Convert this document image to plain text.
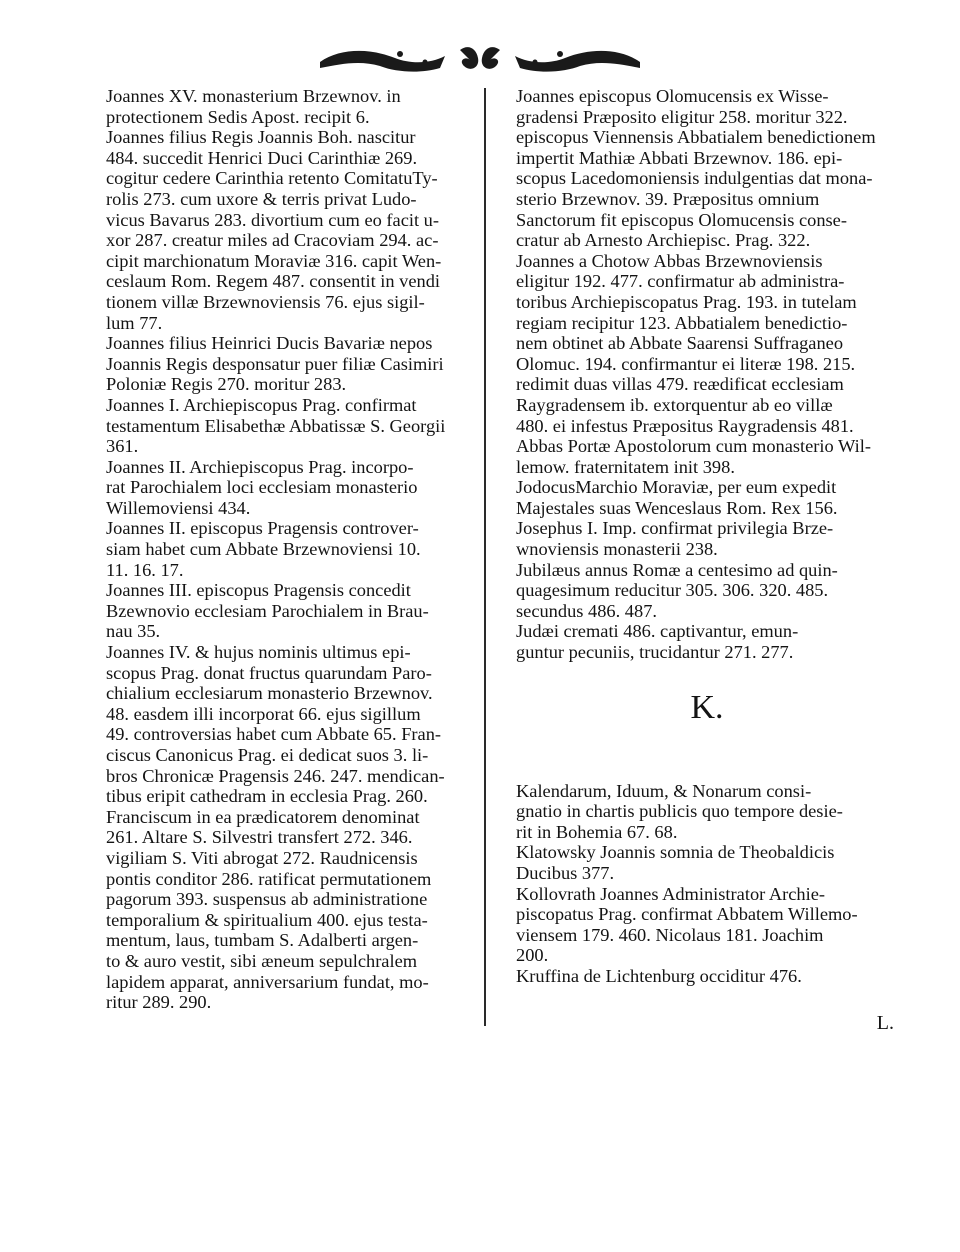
Joannes XV. monasterium Brzewnov. in
protectionem Sedis Apost. recipit 6.
Joannes filius Regis Joannis Boh. nascitur
484. succedit Henrici Duci Carinthiæ 269.
cogitur cedere Carinthia retento ComitatuTy-
rolis 273. cum uxore & terris privat Ludo-
vicus Bavarus 283. divortium cum eo facit u-
xor 287. creatur miles ad Cracoviam 294. ac-
cipit marchionatum Moraviæ 316. capit Wen-
ceslaum Rom. Regem 487. consentit in vendi
tionem villæ Brzewnoviensis 76. ejus sigil-
lum 77.
Joannes filius Heinrici Ducis Bavariæ nepos
Joannis Regis desponsatur puer filiæ Casimiri
Poloniæ Regis 270. moritur 283.
Joannes I. Archiepiscopus Prag. confirmat
testamentum Elisabethæ Abbatissæ S. Georgii
361.
Joannes II. Archiepiscopus Prag. incorpo-
rat Parochialem loci ecclesiam monasterio
Willemoviensi 434.
Joannes II. episcopus Pragensis controver-
siam habet cum Abbate Brzewnoviensi 10.
11. 16. 17.
Joannes III. episcopus Pragensis concedit
Bzewnovio ecclesiam Parochialem in Brau-
nau 35.
Joannes IV. & hujus nominis ultimus epi-
scopus Prag. donat fructus quarundam Paro-
chialium ecclesiarum monasterio Brzewnov.
48. easdem illi incorporat 66. ejus sigillum
49. controversias habet cum Abbate 65. Fran-
ciscus Canonicus Prag. ei dedicat suos 3. li-
bros Chronicæ Pragensis 246. 247. mendican-
tibus eripit cathedram in ecclesia Prag. 260.
Franciscum in ea prædicatorem denominat
261. Altare S. Silvestri transfert 272. 346.
vigiliam S. Viti abrogat 272. Raudnicensis
pontis conditor 286. ratificat permutationem
pagorum 393. suspensus ab administratione
temporalium & spiritualium 400. ejus testa-
mentum, laus, tumbam S. Adalberti argen-
to & auro vestit, sibi æneum sepulchralem
lapidem apparat, anniversarium fundat, mo-
ritur 289. 290.
Joannes episcopus Olomucensis ex Wisse-
gradensi Præposito eligitur 258. moritur 322.
episcopus Viennensis Abbatialem benedictionem
impertit Mathiæ Abbati Brzewnov. 186. epi-
scopus Lacedomoniensis indulgentias dat mona-
sterio Brzewnov. 39. Præpositus omnium
Sanctorum fit episcopus Olomucensis conse-
cratur ab Arnesto Archiepisc. Prag. 322.
Joannes a Chotow Abbas Brzewnoviensis
eligitur 192. 477. confirmatur ab administra-
toribus Archiepiscopatus Prag. 193. in tutelam
regiam recipitur 123. Abbatialem benedictio-
nem obtinet ab Abbate Saarensi Suffraganeo
Olomuc. 194. confirmantur ei literæ 198. 215.
redimit duas villas 479. reædificat ecclesiam
Raygradensem ib. extorquentur ab eo villæ
480. ei infestus Præpositus Raygradensis 481.
Abbas Portæ Apostolorum cum monasterio Wil-
lemow. fraternitatem init 398.
JodocusMarchio Moraviæ, per eum expedit
Majestales suas Wenceslaus Rom. Rex 156.
Josephus I. Imp. confirmat privilegia Brze-
wnoviensis monasterii 238.
Jubilæus annus Romæ a centesimo ad quin-
quagesimum reducitur 305. 306. 320. 485.
secundus 486. 487.
Judæi cremati 486. captivantur, emun-
guntur pecuniis, trucidantur 271. 277.
K.
Kalendarum, Iduum, & Nonarum consi-
gnatio in chartis publicis quo tempore desie-
rit in Bohemia 67. 68.
Klatowsky Joannis somnia de Theobaldicis
Ducibus 377.
Kollovrath Joannes Administrator Archie-
piscopatus Prag. confirmat Abbatem Willemo-
viensem 179. 460. Nicolaus 181. Joachim
200.
Kruffina de Lichtenburg occiditur 476.
L.
